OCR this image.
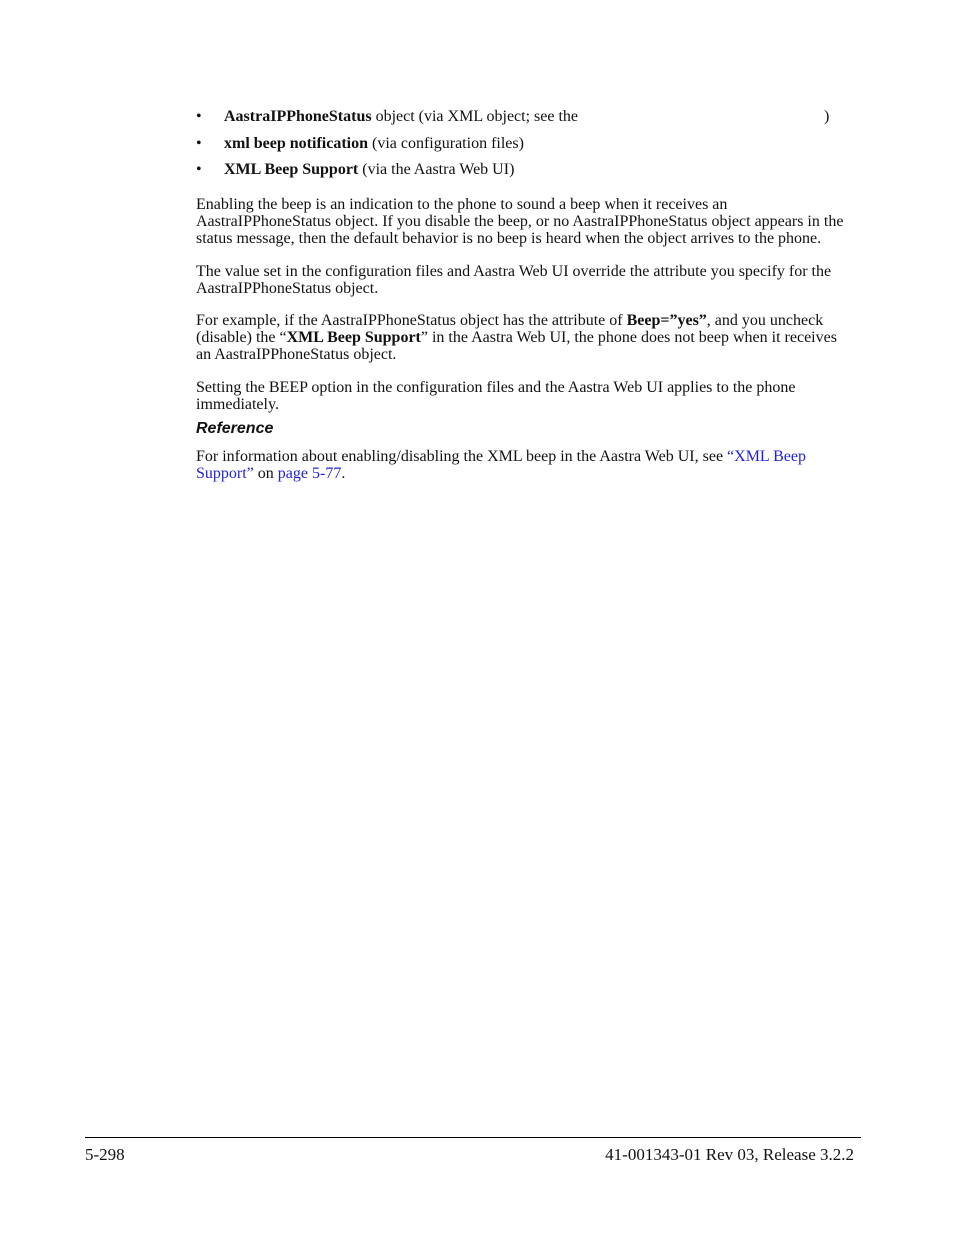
• AastraIPPhoneStatus object (via XML object; see the	)
• xml beep notification (via configuration files)
• XML Beep Support (via the Aastra Web UI)

Enabling the beep is an indication to the phone to sound a beep when it receives an AastraIPPhoneStatus object. If you disable the beep, or no AastraIPPhoneStatus object appears in the status message, then the default behavior is no beep is heard when the object arrives to the phone.

The value set in the configuration files and Aastra Web UI override the attribute you specify for the AastraIPPhoneStatus object.

For example, if the AastraIPPhoneStatus object has the attribute of Beep=”yes”, and you uncheck (disable) the “XML Beep Support” in the Aastra Web UI, the phone does not beep when it receives an AastraIPPhoneStatus object.

Setting the BEEP option in the configuration files and the Aastra Web UI applies to the phone immediately.

Reference

For information about enabling/disabling the XML beep in the Aastra Web UI, see “XML Beep Support” on page 5-77.

5-298	41-001343-01 Rev 03, Release 3.2.2
